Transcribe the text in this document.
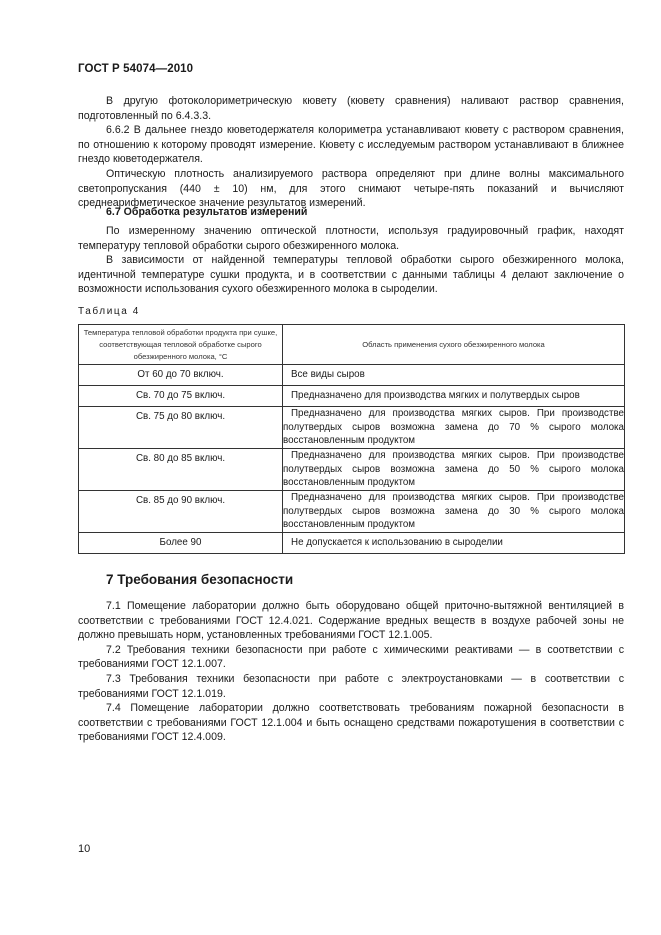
ГОСТ Р 54074—2010

В другую фотоколориметрическую кювету (кювету сравнения) наливают раствор сравнения, подготовленный по 6.4.3.3.

6.6.2 В дальнее гнездо кюветодержателя колориметра устанавливают кювету с раствором сравнения, по отношению к которому проводят измерение. Кювету с исследуемым раствором устанавливают в ближнее гнездо кюветодержателя.

Оптическую плотность анализируемого раствора определяют при длине волны максимального светопропускания (440 ± 10) нм, для этого снимают четыре-пять показаний и вычисляют среднеарифметическое значение результатов измерений.

6.7 Обработка результатов измерений

По измеренному значению оптической плотности, используя градуировочный график, находят температуру тепловой обработки сырого обезжиренного молока.

В зависимости от найденной температуры тепловой обработки сырого обезжиренного молока, идентичной температуре сушки продукта, и в соответствии с данными таблицы 4 делают заключение о возможности использования сухого обезжиренного молока в сыроделии.

Таблица 4
Температура тепловой обработки продукта при сушке, соответствующая тепловой обработке сырого обезжиренного молока, °С	Область применения сухого обезжиренного молока
От 60 до 70 включ.	Все виды сыров

Св. 70 до 75 включ.	Предназначено для производства мягких и полутвердых сыров

Св. 75 до 80 включ.	Предназначено для производства мягких сыров. При производстве полутвердых сыров возможна замена до 70 % сырого молока восстановленным продуктом

Св. 80 до 85 включ.	Предназначено для производства мягких сыров. При производстве полутвердых сыров возможна замена до 50 % сырого молока восстановленным продуктом

Св. 85 до 90 включ.	Предназначено для производства мягких сыров. При производстве полутвердых сыров возможна замена до 30 % сырого молока восстановленным продуктом

Более 90	Не допускается к использованию в сыроделии
7 Требования безопасности

7.1 Помещение лаборатории должно быть оборудовано общей приточно-вытяжной вентиляцией в соответствии с требованиями ГОСТ 12.4.021. Содержание вредных веществ в воздухе рабочей зоны не должно превышать норм, установленных требованиями ГОСТ 12.1.005.

7.2 Требования техники безопасности при работе с химическими реактивами — в соответствии с требованиями ГОСТ 12.1.007.

7.3 Требования техники безопасности при работе с электроустановками — в соответствии с требованиями ГОСТ 12.1.019.

7.4 Помещение лаборатории должно соответствовать требованиям пожарной безопасности в соответствии с требованиями ГОСТ 12.1.004 и быть оснащено средствами пожаротушения в соответствии с требованиями ГОСТ 12.4.009.

10
